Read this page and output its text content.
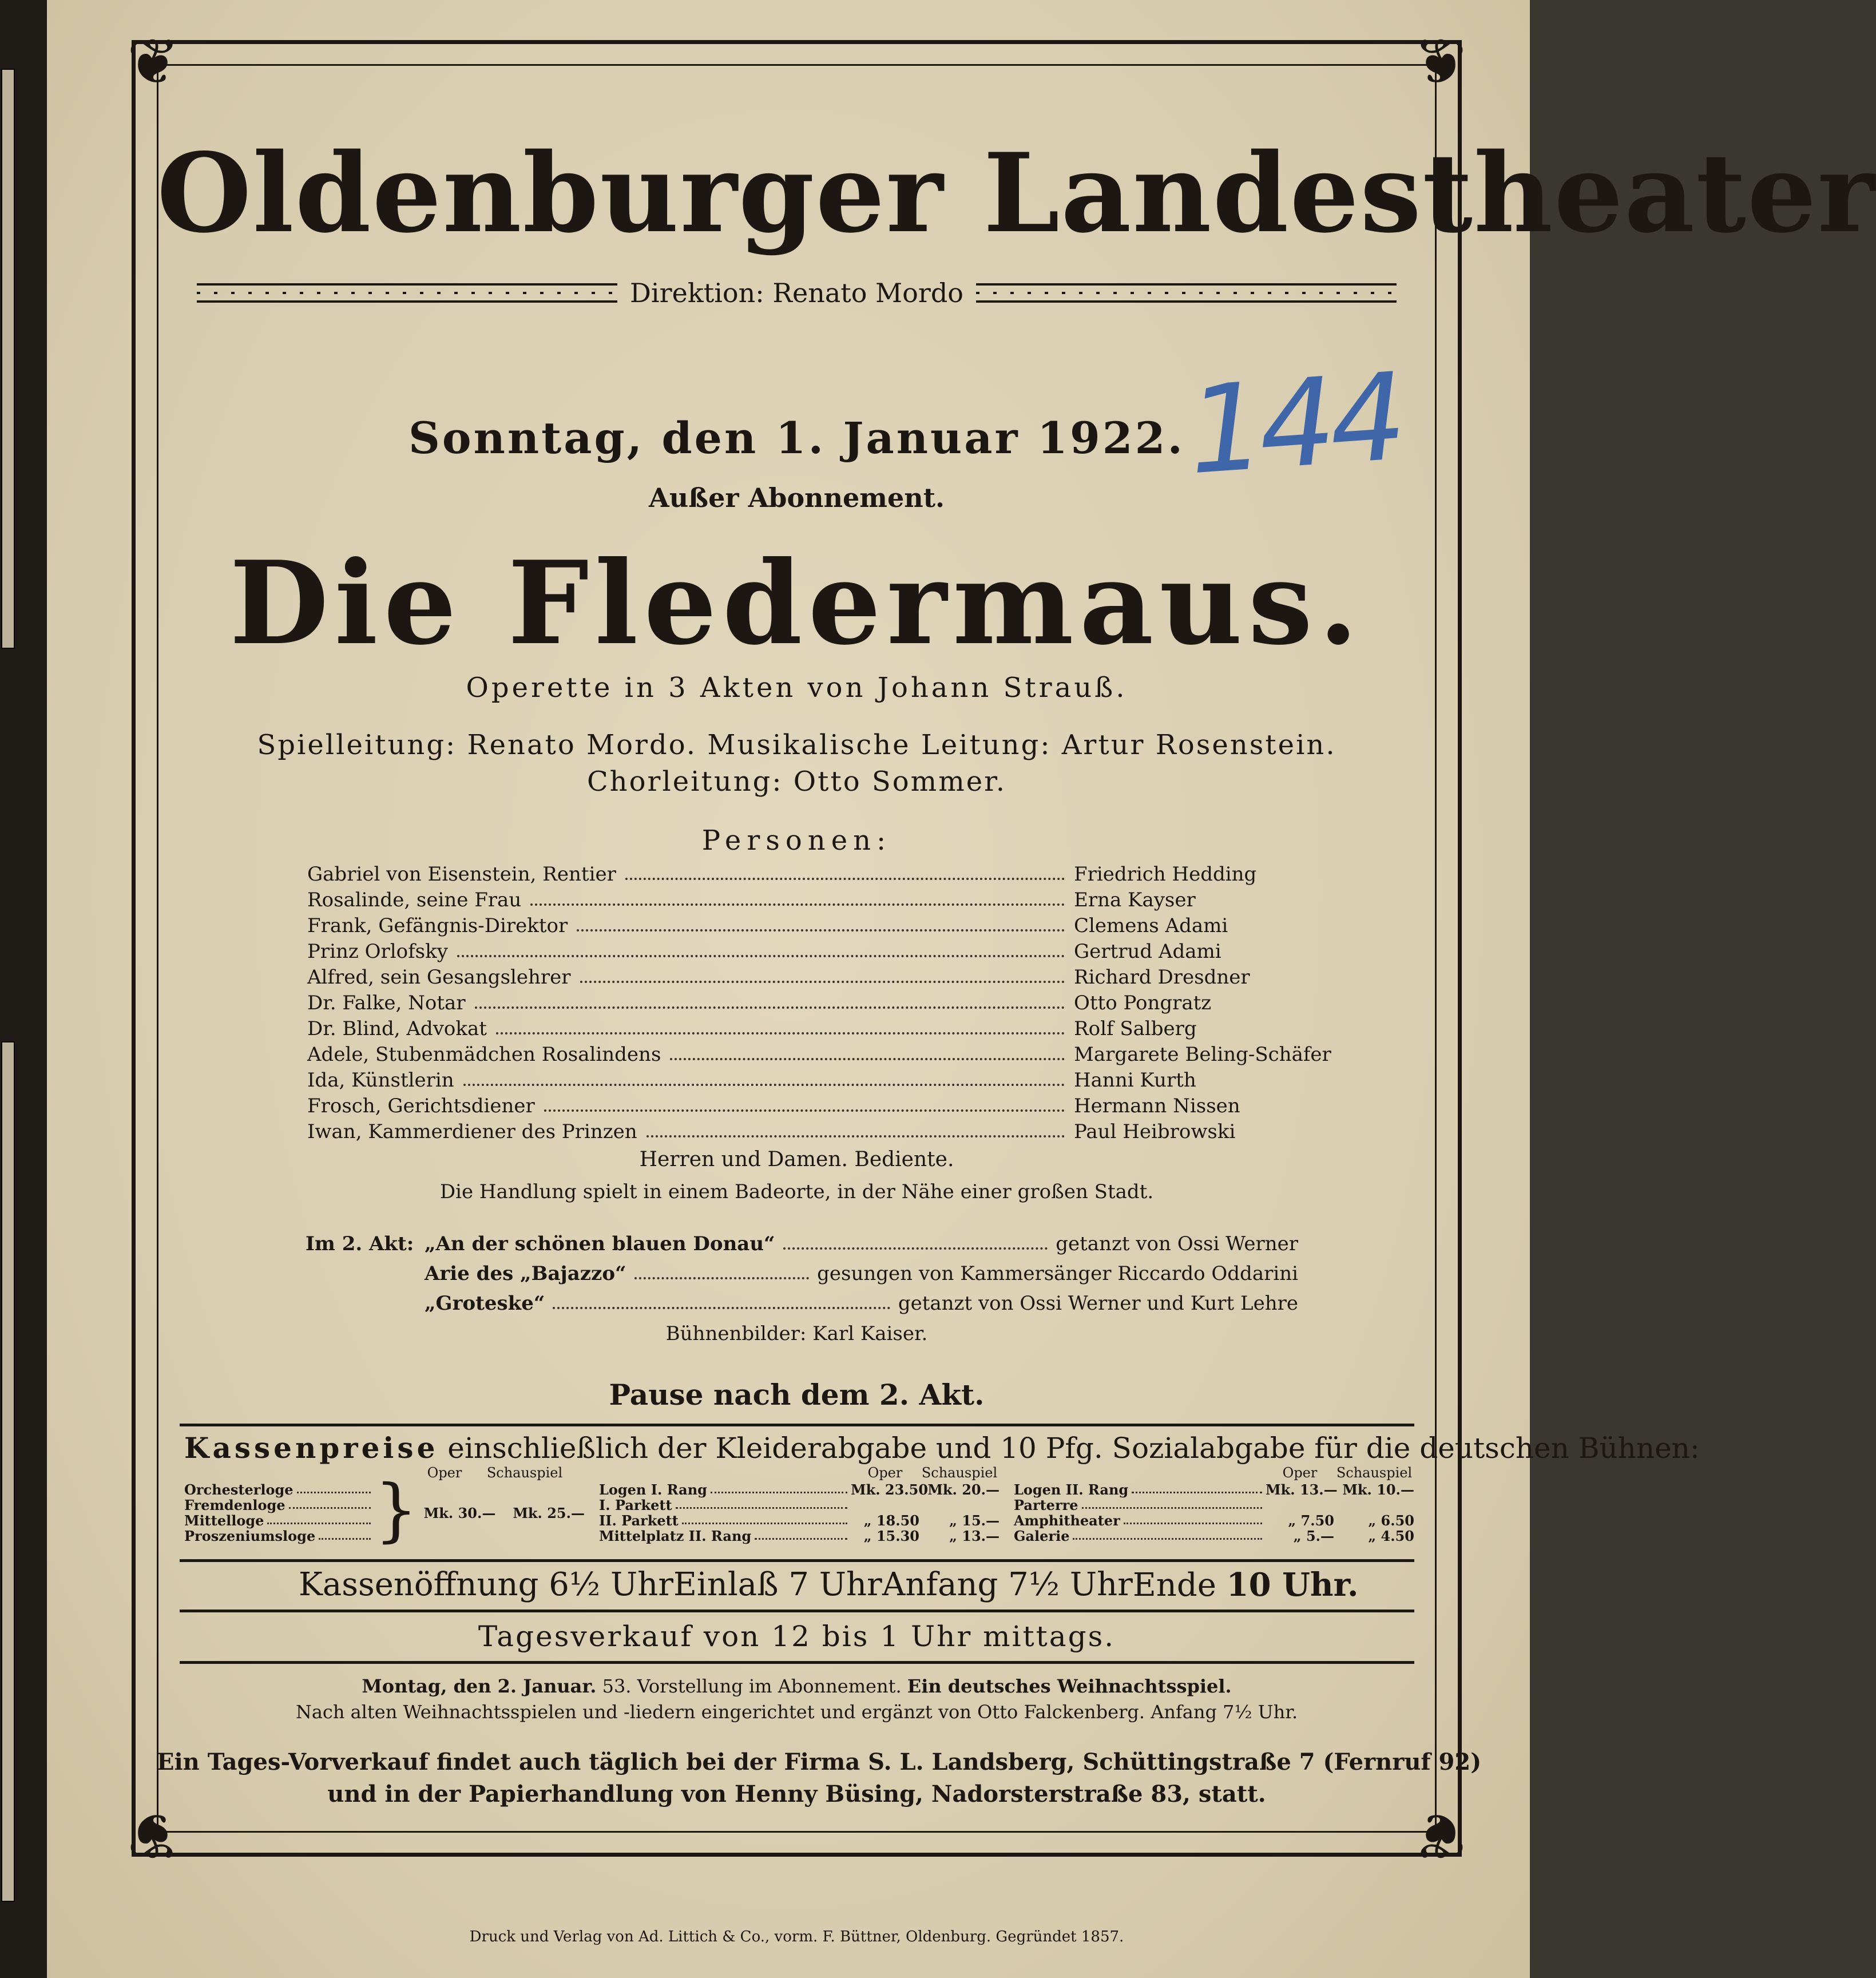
❦	❦
❦	❦
Oldenburger Landestheater
Direktion: Renato Mordo
144
Sonntag, den 1. Januar 1922.
Außer Abonnement.
Die Fledermaus.
Operette in 3 Akten von Johann Strauß.
Spielleitung: Renato Mordo. Musikalische Leitung: Artur Rosenstein.
Chorleitung: Otto Sommer.
Personen:
Gabriel von Eisenstein, Rentier	Friedrich Hedding
Rosalinde, seine Frau	Erna Kayser
Frank, Gefängnis-Direktor	Clemens Adami
Prinz Orlofsky	Gertrud Adami
Alfred, sein Gesangslehrer	Richard Dresdner
Dr. Falke, Notar	Otto Pongratz
Dr. Blind, Advokat	Rolf Salberg
Adele, Stubenmädchen Rosalindens	Margarete Beling-Schäfer
Ida, Künstlerin	Hanni Kurth
Frosch, Gerichtsdiener	Hermann Nissen
Iwan, Kammerdiener des Prinzen	Paul Heibrowski
Herren und Damen. Bediente.
Die Handlung spielt in einem Badeorte, in der Nähe einer großen Stadt.
Im 2. Akt: „An der schönen blauen Donau“	getanzt von Ossi Werner
Arie des „Bajazzo“	gesungen von Kammersänger Riccardo Oddarini
„Groteske“	getanzt von Ossi Werner und Kurt Lehre
Bühnenbilder: Karl Kaiser.
Pause nach dem 2. Akt.
Kassenpreise einschließlich der Kleiderabgabe und 10 Pfg. Sozialabgabe für die deutschen Bühnen:
Oper	Schauspiel
Orchesterloge
Fremdenloge
Mittelloge
Proszeniumsloge } Mk. 30.— Mk. 25.—
Oper	Schauspiel
Logen I. Rang	Mk. 23.50 Mk. 20.—
I. Parkett
II. Parkett	„ 18.50	„ 15.—
Mittelplatz II. Rang	„ 15.30	„ 13.—
Oper	Schauspiel
Logen II. Rang	Mk. 13.— Mk. 10.—
Parterre
Amphitheater	„ 7.50	„ 6.50
Galerie	„ 5.—	„ 4.50
Kassenöffnung 6½ Uhr Einlaß 7 Uhr Anfang 7½ Uhr Ende 10 Uhr.
Tagesverkauf von 12 bis 1 Uhr mittags.
Montag, den 2. Januar. 53. Vorstellung im Abonnement. Ein deutsches Weihnachtsspiel.
Nach alten Weihnachtsspielen und -liedern eingerichtet und ergänzt von Otto Falckenberg. Anfang 7½ Uhr.
Ein Tages-Vorverkauf findet auch täglich bei der Firma S. L. Landsberg, Schüttingstraße 7 (Fernruf 92)
und in der Papierhandlung von Henny Büsing, Nadorsterstraße 83, statt.
Druck und Verlag von Ad. Littich & Co., vorm. F. Büttner, Oldenburg. Gegründet 1857.
